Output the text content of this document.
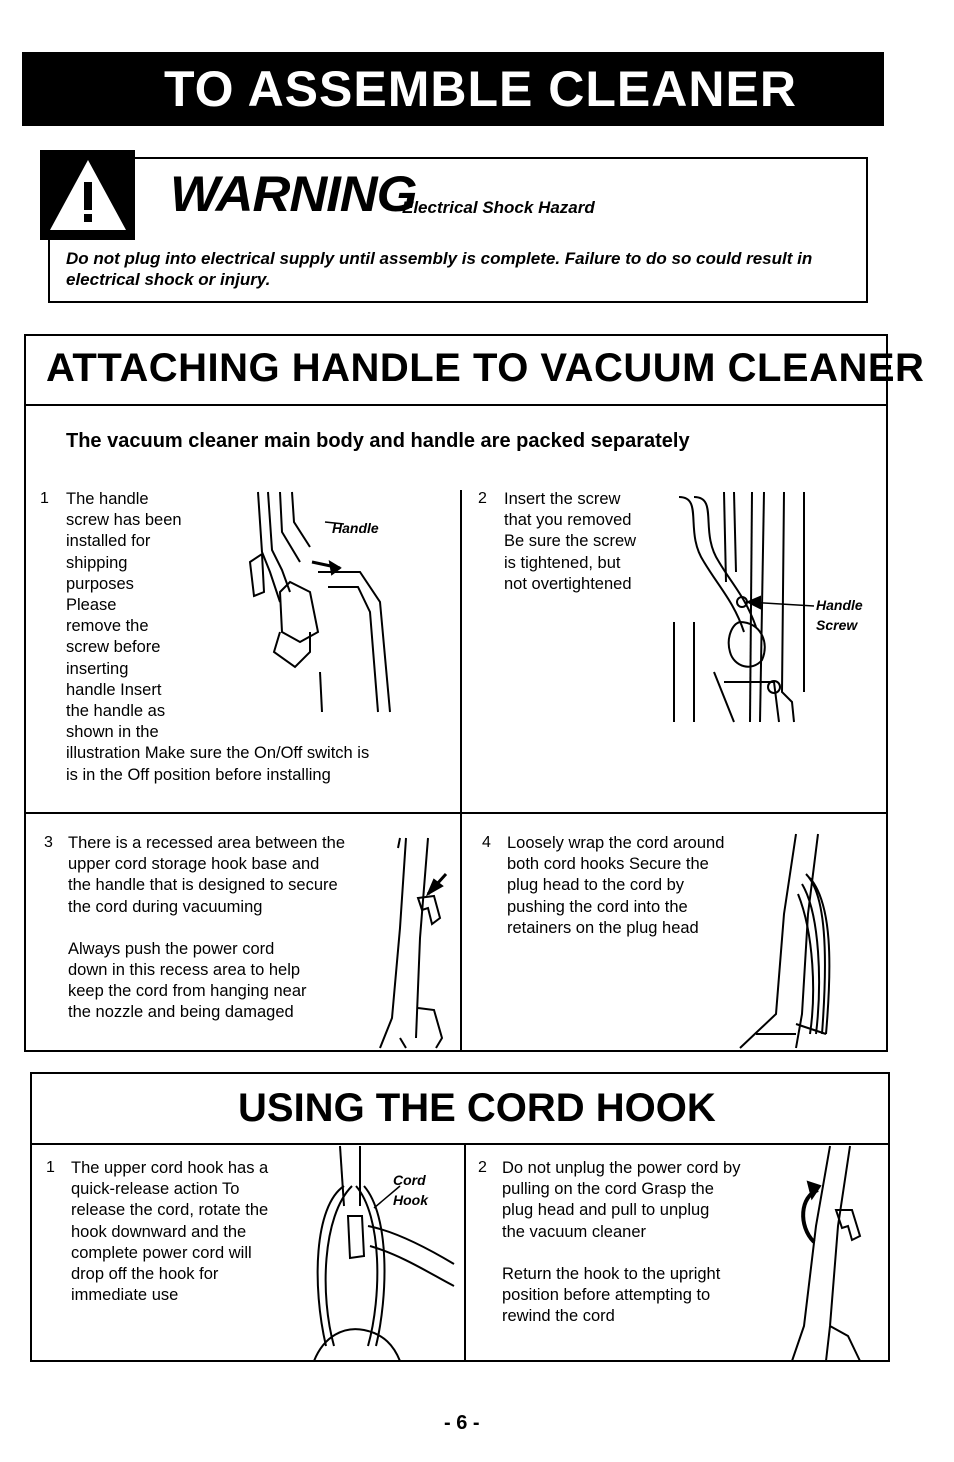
TO ASSEMBLE CLEANER
WARNING
Electrical Shock Hazard
Do not plug into electrical supply until assembly is complete. Failure to do so could result in electrical shock or injury.
ATTACHING HANDLE TO VACUUM CLEANER
The vacuum cleaner main body and handle are packed separately
1 The handle
screw has been
installed for
shipping
purposes
Please
remove the
screw before
inserting
handle Insert
the handle as
shown in the
illustration Make sure the On/Off switch is
is in the Off position before installing
Handle
2 Insert the screw
that you removed
Be sure the screw
is tightened, but
not overtightened
Handle
Screw
3 There is a recessed area between the
upper cord storage hook base and
the handle that is designed to secure
the cord during vacuuming
Always push the power cord
down in this recess area to help
keep the cord from hanging near
the nozzle and being damaged
4 Loosely wrap the cord around
both cord hooks Secure the
plug head to the cord by
pushing the cord into the
retainers on the plug head
USING THE CORD HOOK
1 The upper cord hook has a
quick-release action To
release the cord, rotate the
hook downward and the
complete power cord will
drop off the hook for
immediate use
Cord
Hook
2 Do not unplug the power cord by
pulling on the cord Grasp the
plug head and pull to unplug
the vacuum cleaner
Return the hook to the upright
position before attempting to
rewind the cord
- 6 -
